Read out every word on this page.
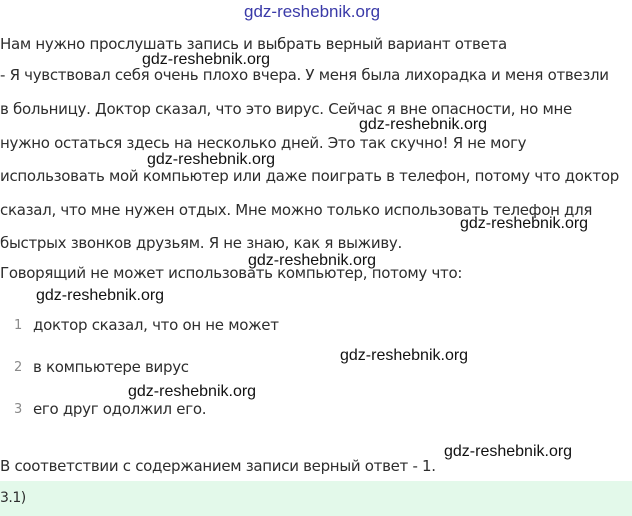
gdz-reshebnik.org
gdz-reshebnik.org
gdz-reshebnik.org
gdz-reshebnik.org
gdz-reshebnik.org
gdz-reshebnik.org
gdz-reshebnik.org
gdz-reshebnik.org
gdz-reshebnik.org
gdz-reshebnik.org
Нам нужно прослушать запись и выбрать верный вариант ответа
- Я чувствовал себя очень плохо вчера. У меня была лихорадка и меня отвезли
в больницу. Доктор сказал, что это вирус. Сейчас я вне опасности, но мне
нужно остаться здесь на несколько дней. Это так скучно! Я не могу
использовать мой компьютер или даже поиграть в телефон, потому что доктор
сказал, что мне нужен отдых. Мне можно только использовать телефон для
быстрых звонков друзьям. Я не знаю, как я выживу.
Говорящий не может использовать компьютер, потому что:
1 доктор сказал, что он не может
2 в компьютере вирус
3 его друг одолжил его.
В соответствии с содержанием записи верный ответ - 1.
3.1)
